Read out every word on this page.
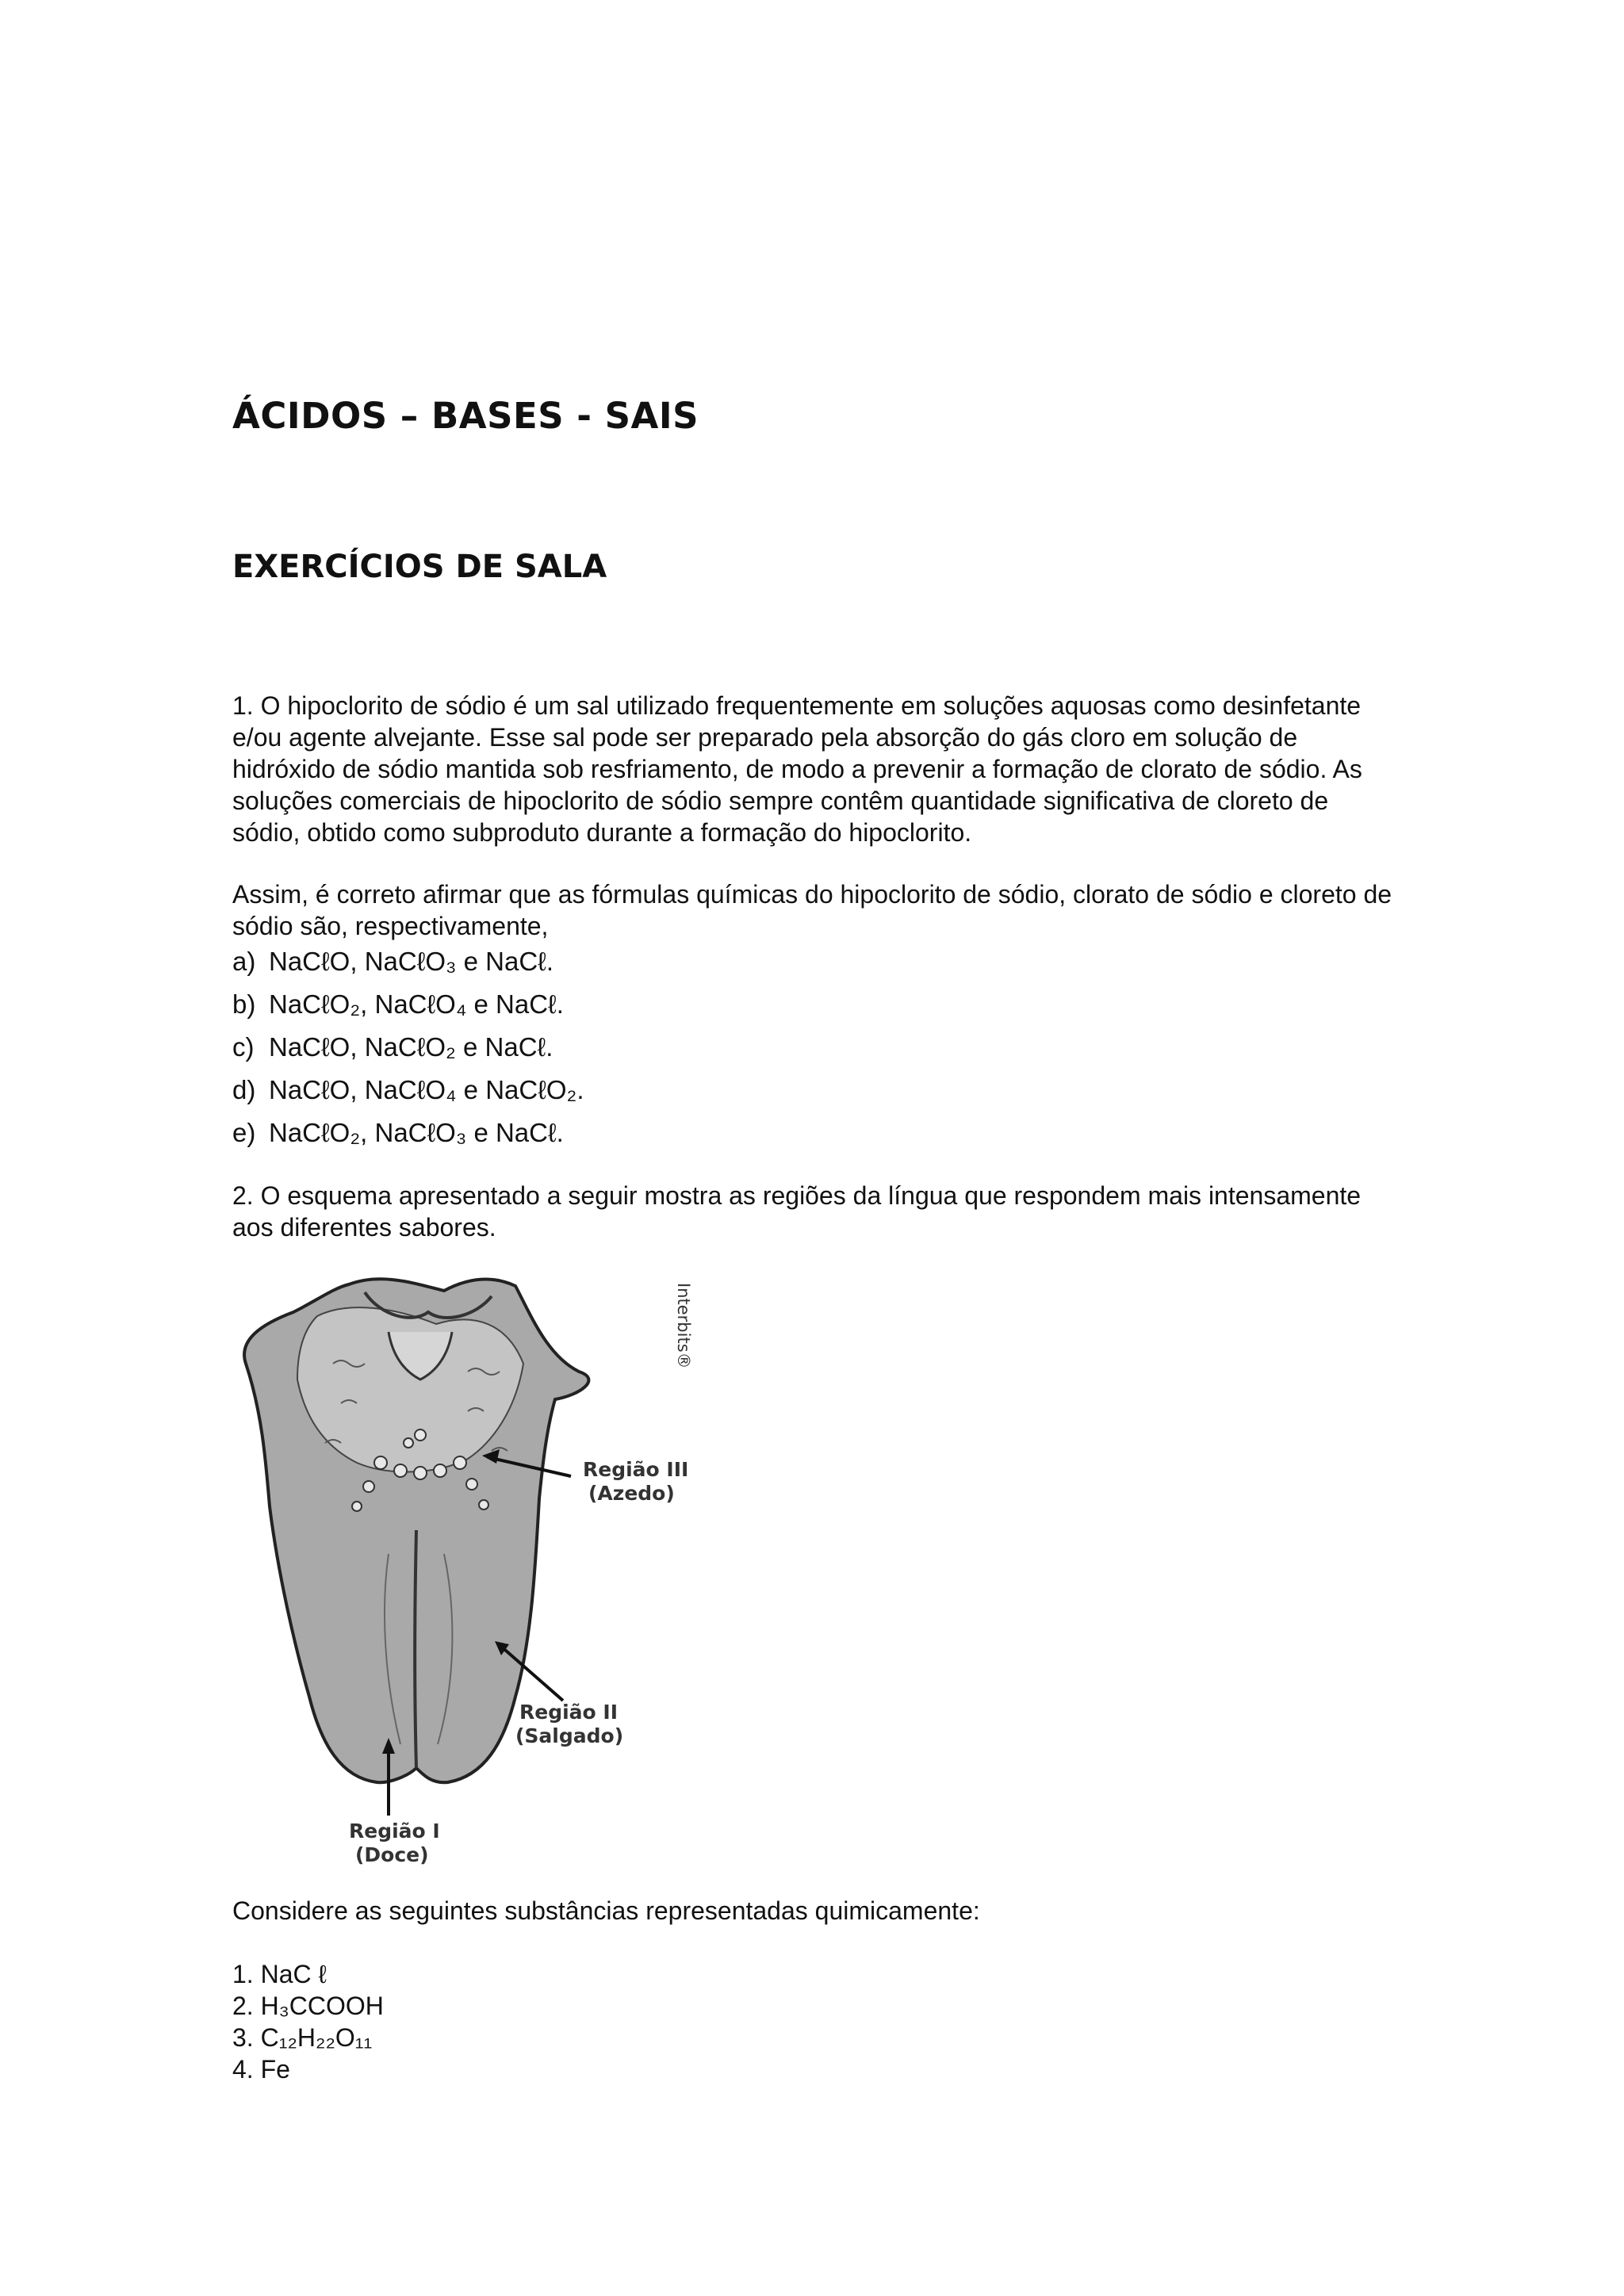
ÁCIDOS – BASES - SAIS
EXERCÍCIOS DE SALA

1. O hipoclorito de sódio é um sal utilizado frequentemente em soluções aquosas como desinfetante e/ou agente alvejante. Esse sal pode ser preparado pela absorção do gás cloro em solução de hidróxido de sódio mantida sob resfriamento, de modo a prevenir a formação de clorato de sódio. As soluções comerciais de hipoclorito de sódio sempre contêm quantidade significativa de cloreto de sódio, obtido como subproduto durante a formação do hipoclorito.

Assim, é correto afirmar que as fórmulas químicas do hipoclorito de sódio, clorato de sódio e cloreto de sódio são, respectivamente,

a) NaCℓO, NaCℓO₃ e NaCℓ.
b) NaCℓO₂, NaCℓO₄ e NaCℓ.
c) NaCℓO, NaCℓO₂ e NaCℓ.
d) NaCℓO, NaCℓO₄ e NaCℓO₂.
e) NaCℓO₂, NaCℓO₃ e NaCℓ.

2. O esquema apresentado a seguir mostra as regiões da língua que respondem mais intensamente aos diferentes sabores.

Interbits®
Região III
(Azedo)
Região II
(Salgado)
Região I
(Doce)

Considere as seguintes substâncias representadas quimicamente:

1. NaC ℓ
2. H₃CCOOH
3. C₁₂H₂₂O₁₁
4. Fe
